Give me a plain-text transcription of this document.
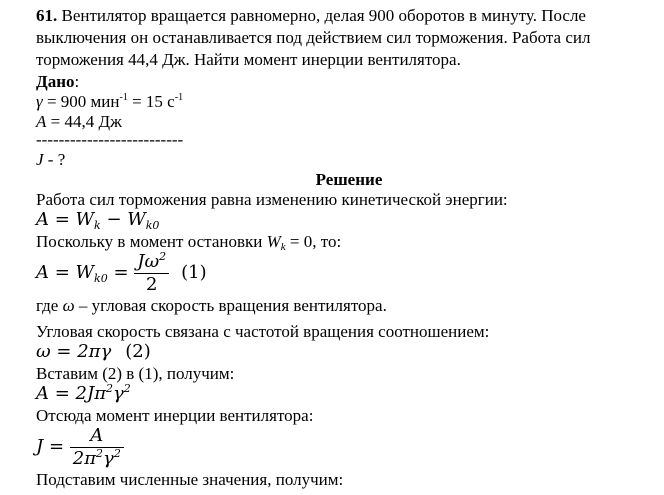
61. Вентилятор вращается равномерно, делая 900 оборотов в минуту. После
выключения он останавливается под действием сил торможения. Работа сил
торможения 44,4 Дж. Найти момент инерции вентилятора.
Дано:
γ = 900 мин$^{-1}$ = 15 $с^{-1}$
A = 44,4 Дж
--------------------------
J - ?
Решение
Работа сил торможения равна изменению кинетической энергии:
$A = W_k - W_{k0}$
Поскольку в момент остановки $W_k = 0$, то:
$A = W_{k0} = \frac{J\omega^2}{2} (1)$
где ω – угловая скорость вращения вентилятора.
Угловая скорость связана с частотой вращения соотношением:
ω = 2πγ (2)
Вставим (2) в (1), получим:
$A = 2J\pi^2\gamma^2$
Отсюда момент инерции вентилятора:
$J = \frac{A}{2\pi^2\gamma^2}$
Подставим численные значения, получим:
